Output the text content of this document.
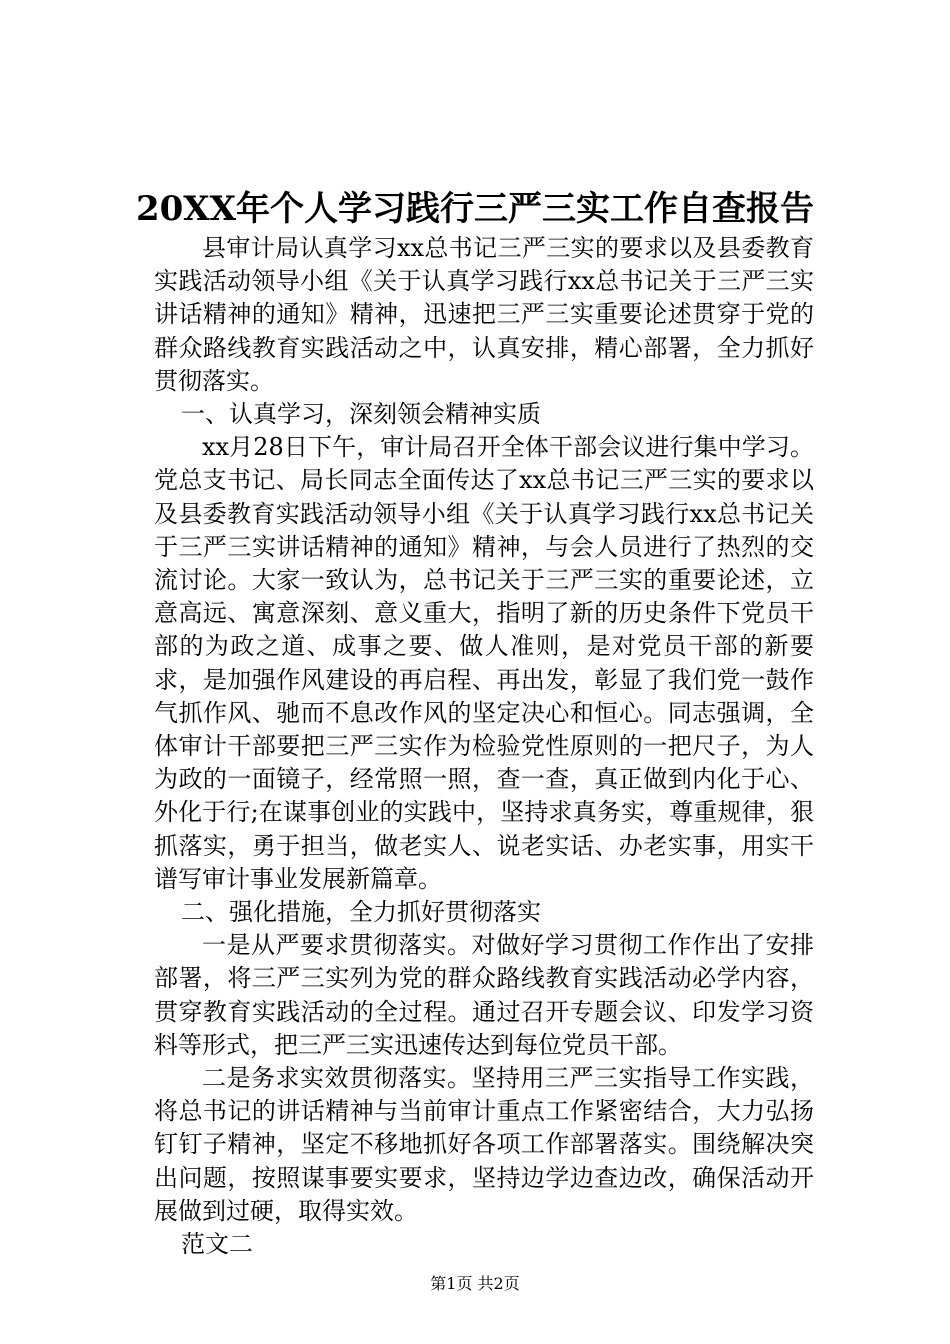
20XX年个人学习践行三严三实工作自查报告

县审计局认真学习xx总书记三严三实的要求以及县委教育实践活动领导小组《关于认真学习践行xx总书记关于三严三实讲话精神的通知》精神，迅速把三严三实重要论述贯穿于党的群众路线教育实践活动之中，认真安排，精心部署，全力抓好贯彻落实。

一、认真学习，深刻领会精神实质

xx月28日下午，审计局召开全体干部会议进行集中学习。党总支书记、局长同志全面传达了xx总书记三严三实的要求以及县委教育实践活动领导小组《关于认真学习践行xx总书记关于三严三实讲话精神的通知》精神，与会人员进行了热烈的交流讨论。大家一致认为，总书记关于三严三实的重要论述，立意高远、寓意深刻、意义重大，指明了新的历史条件下党员干部的为政之道、成事之要、做人准则，是对党员干部的新要求，是加强作风建设的再启程、再出发，彰显了我们党一鼓作气抓作风、驰而不息改作风的坚定决心和恒心。同志强调，全体审计干部要把三严三实作为检验党性原则的一把尺子，为人为政的一面镜子，经常照一照，查一查，真正做到内化于心、外化于行;在谋事创业的实践中，坚持求真务实，尊重规律，狠抓落实，勇于担当，做老实人、说老实话、办老实事，用实干谱写审计事业发展新篇章。

二、强化措施，全力抓好贯彻落实

一是从严要求贯彻落实。对做好学习贯彻工作作出了安排部署，将三严三实列为党的群众路线教育实践活动必学内容，贯穿教育实践活动的全过程。通过召开专题会议、印发学习资料等形式，把三严三实迅速传达到每位党员干部。

二是务求实效贯彻落实。坚持用三严三实指导工作实践，将总书记的讲话精神与当前审计重点工作紧密结合，大力弘扬钉钉子精神，坚定不移地抓好各项工作部署落实。围绕解决突出问题，按照谋事要实要求，坚持边学边查边改，确保活动开展做到过硬，取得实效。

范文二

第1页 共2页
